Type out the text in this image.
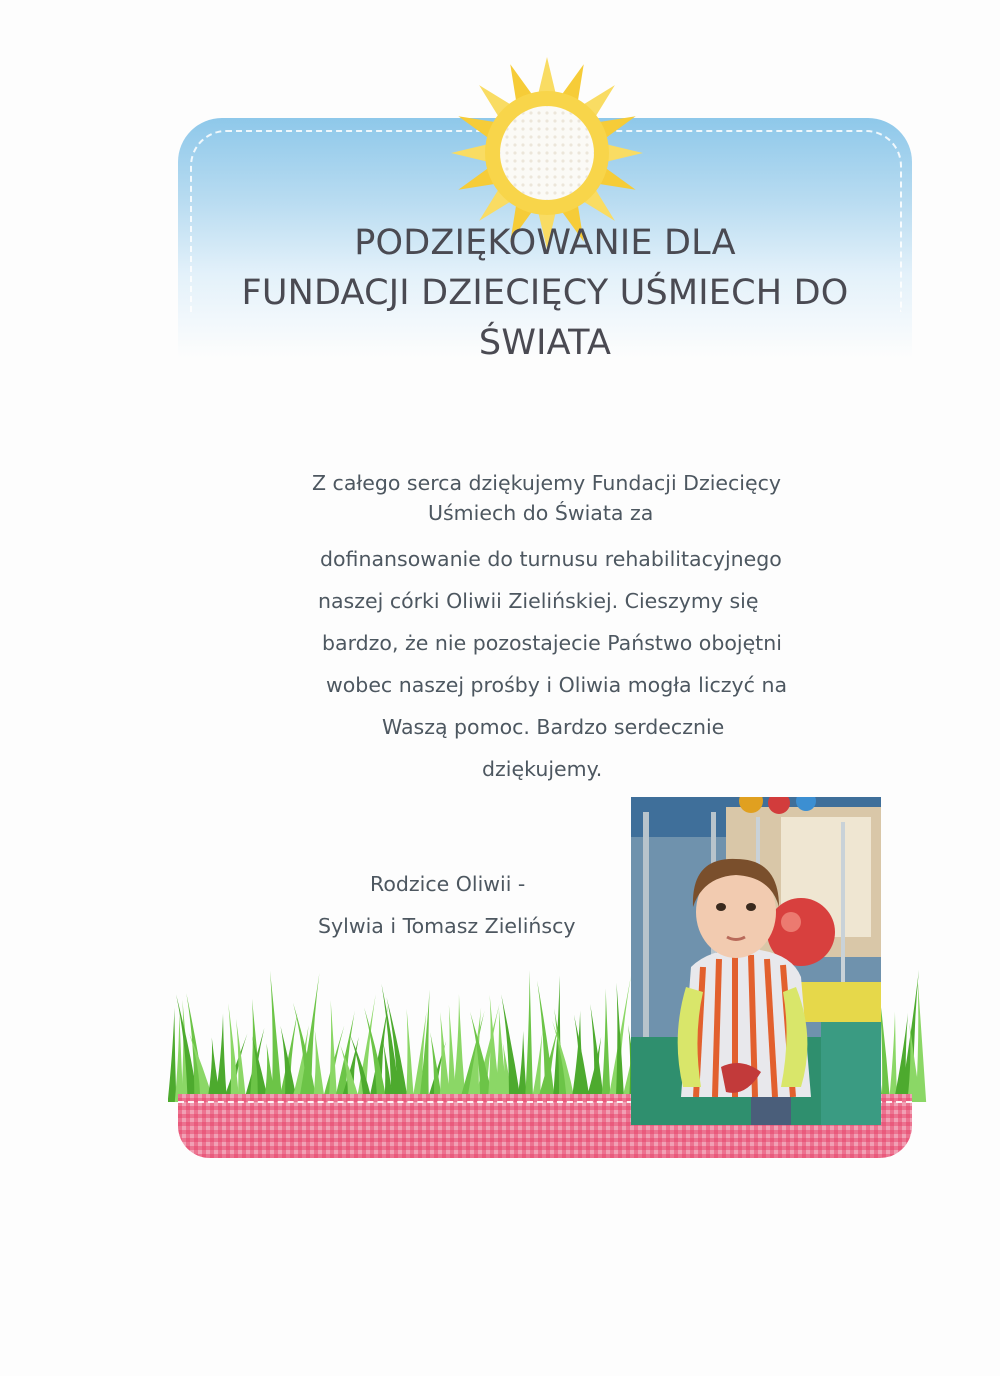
PODZIĘKOWANIE DLA
FUNDACJI DZIECIĘCY UŚMIECH DO
ŚWIATA
Z całego serca dziękujemy Fundacji Dziecięcy
Uśmiech do Świata za
dofinansowanie do turnusu rehabilitacyjnego
naszej córki Oliwii Zielińskiej. Cieszymy się
bardzo, że nie pozostajecie Państwo obojętni
wobec naszej prośby i Oliwia mogła liczyć na
Waszą pomoc. Bardzo serdecznie
dziękujemy.
Rodzice Oliwii -
Sylwia i Tomasz Zielińscy
